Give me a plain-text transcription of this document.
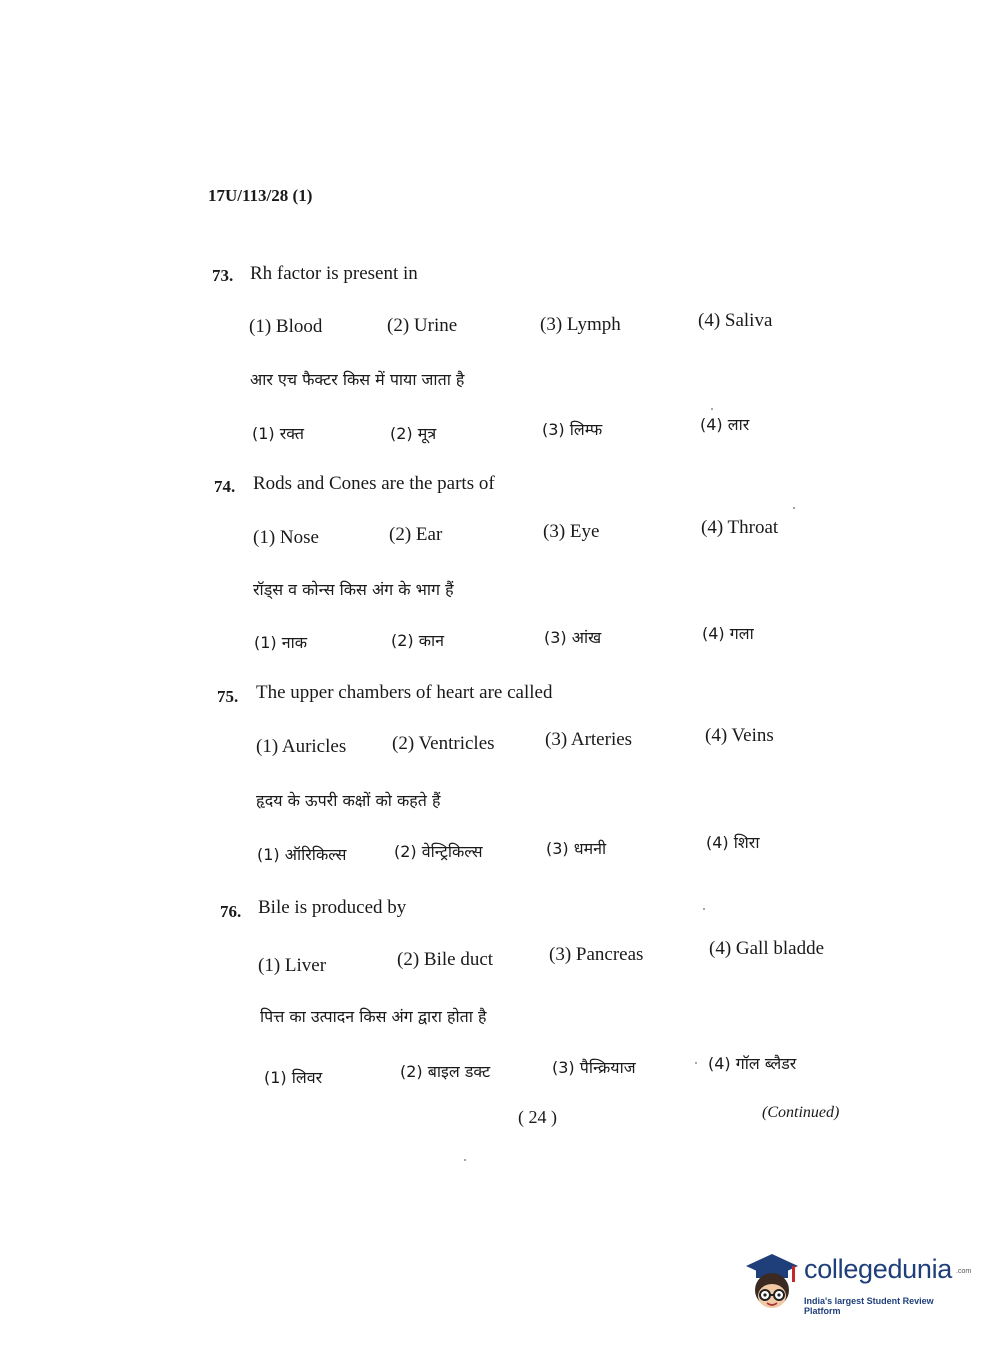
17U/113/28 (1)
73. Rh factor is present in
(1) Blood	(2) Urine	(3) Lymph	(4) Saliva
आर एच फैक्टर किस में पाया जाता है
(1) रक्त	(2) मूत्र	(3) लिम्फ	(4) लार
74. Rods and Cones are the parts of
(1) Nose	(2) Ear	(3) Eye	(4) Throat
रॉड्स व कोन्स किस अंग के भाग हैं
(1) नाक	(2) कान	(3) आंख	(4) गला
75. The upper chambers of heart are called
(1) Auricles (2) Ventricles	(3) Arteries	(4) Veins
हृदय के ऊपरी कक्षों को कहते हैं
(1) ऑरिकिल्स	(2) वेन्ट्रिकिल्स	(3) धमनी	(4) शिरा
76. Bile is produced by
(1) Liver	(2) Bile duct	(3) Pancreas	(4) Gall bladde
पित्त का उत्पादन किस अंग द्वारा होता है
(1) लिवर	(2) बाइल डक्ट	(3) पैन्क्रियाज	(4) गॉल ब्लैडर
( 24 )	(Continued)
collegedunia .com
India's largest Student Review Platform
